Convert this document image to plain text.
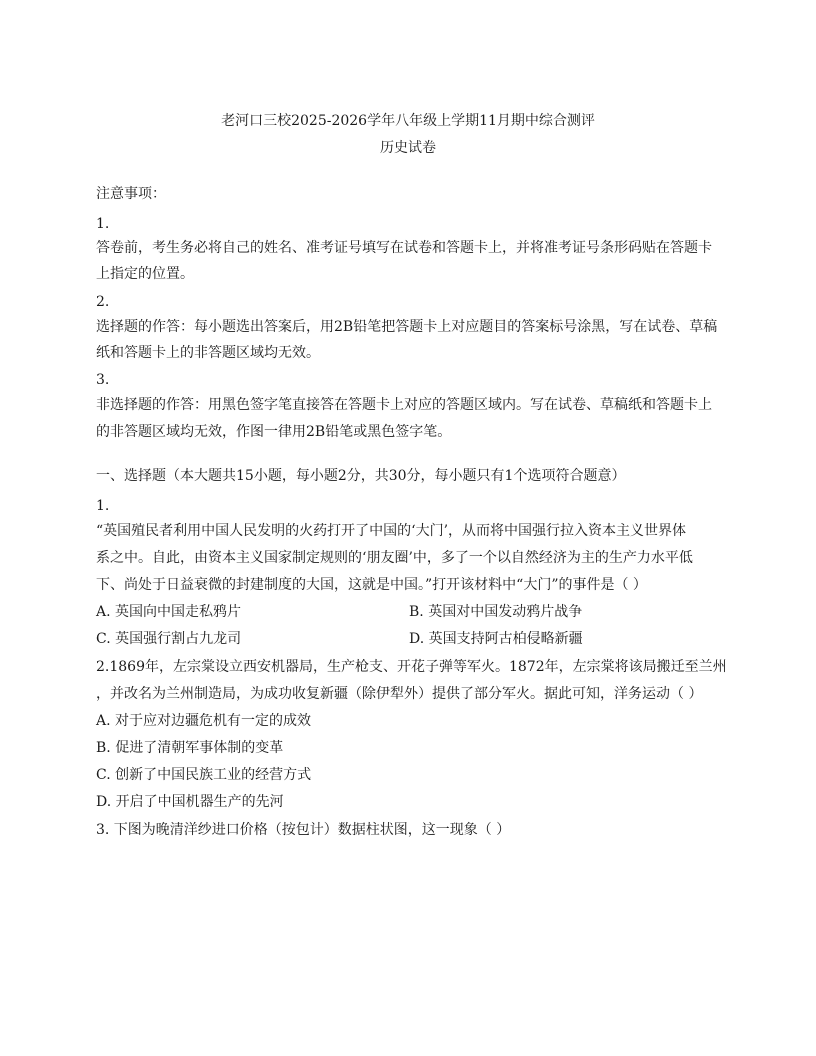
老河口三校2025-2026学年八年级上学期11月期中综合测评
历史试卷
注意事项：
1.
答卷前，考生务必将自己的姓名、准考证号填写在试卷和答题卡上，并将准考证号条形码贴在答题卡
上指定的位置。
2.
选择题的作答：每小题选出答案后，用2B铅笔把答题卡上对应题目的答案标号涂黑，写在试卷、草稿
纸和答题卡上的非答题区域均无效。
3.
非选择题的作答：用黑色签字笔直接答在答题卡上对应的答题区域内。写在试卷、草稿纸和答题卡上
的非答题区域均无效，作图一律用2B铅笔或黑色签字笔。
一、选择题（本大题共15小题，每小题2分，共30分，每小题只有1个选项符合题意）
1.
“英国殖民者利用中国人民发明的火药打开了中国的‘大门’，从而将中国强行拉入资本主义世界体
系之中。自此，由资本主义国家制定规则的‘朋友圈’中，多了一个以自然经济为主的生产力水平低
下、尚处于日益衰微的封建制度的大国，这就是中国。”打开该材料中“大门”的事件是（ ）
A. 英国向中国走私鸦片	B. 英国对中国发动鸦片战争
C. 英国强行割占九龙司	D. 英国支持阿古柏侵略新疆
2.1869年，左宗棠设立西安机器局，生产枪支、开花子弹等军火。1872年，左宗棠将该局搬迁至兰州
，并改名为兰州制造局，为成功收复新疆（除伊犁外）提供了部分军火。据此可知，洋务运动（ ）
A. 对于应对边疆危机有一定的成效
B. 促进了清朝军事体制的变革
C. 创新了中国民族工业的经营方式
D. 开启了中国机器生产的先河
3. 下图为晚清洋纱进口价格（按包计）数据柱状图，这一现象（ ）
